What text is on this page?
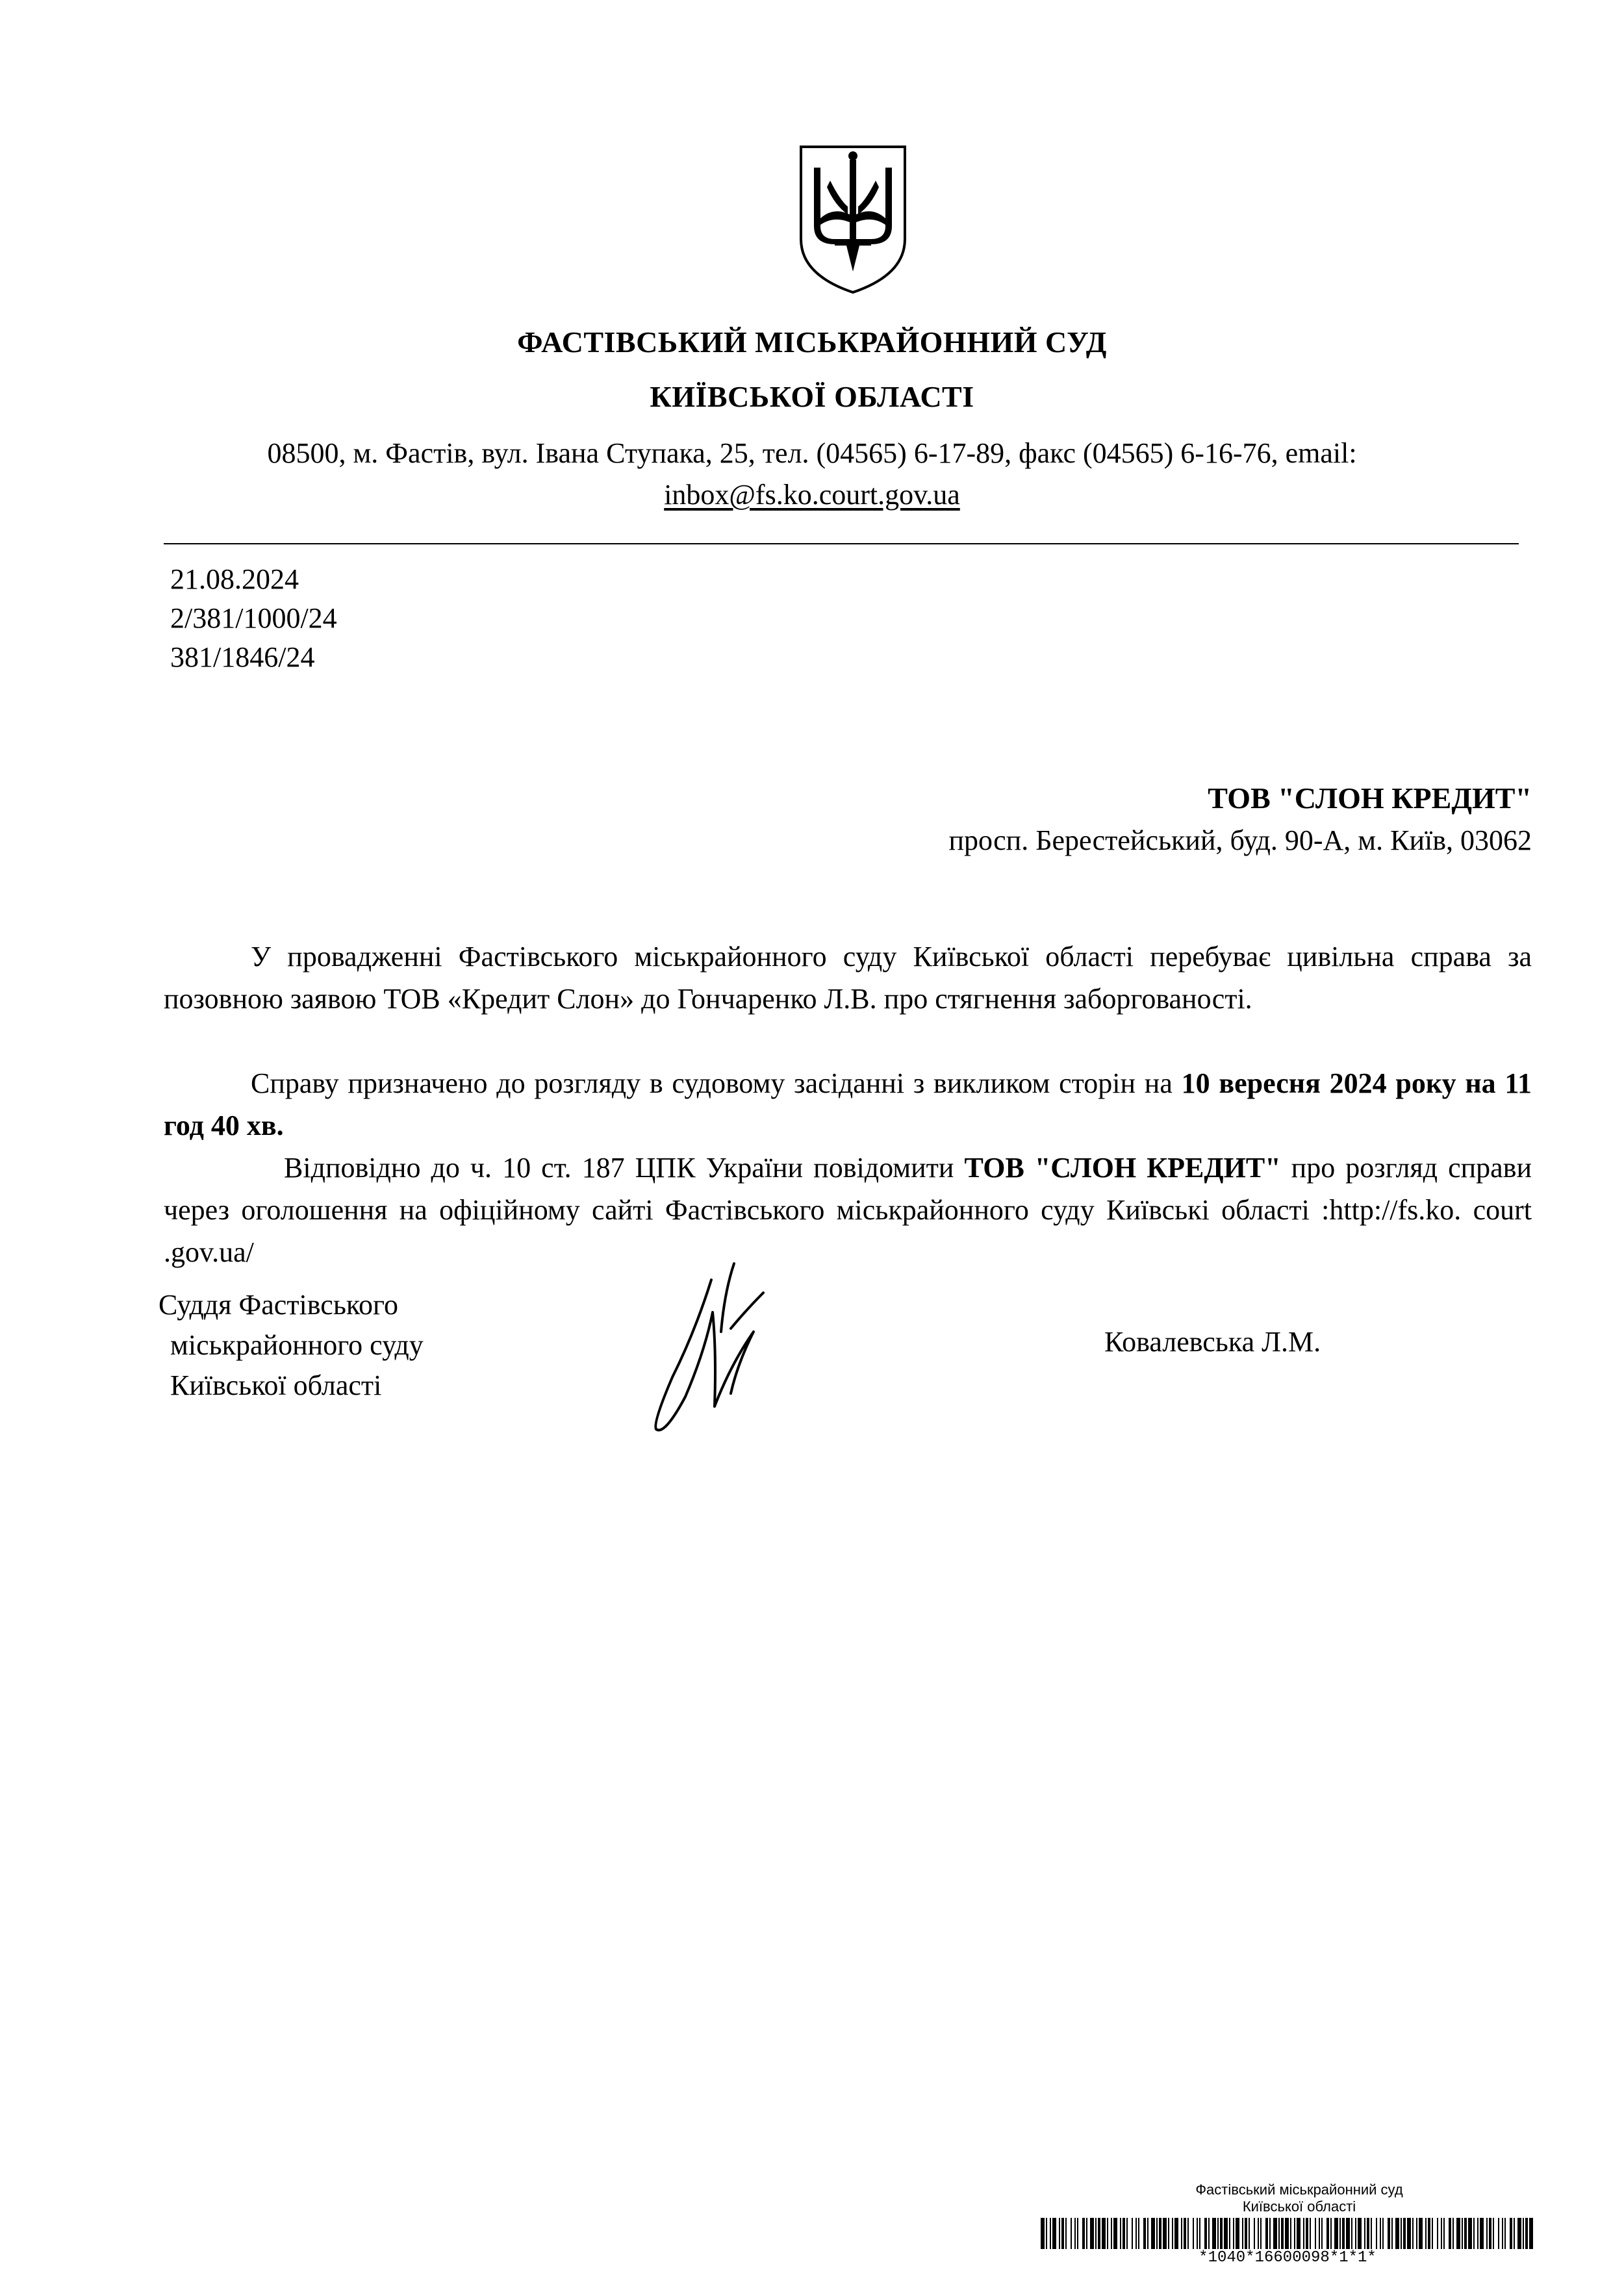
ФАСТІВСЬКИЙ МІСЬКРАЙОННИЙ СУД
КИЇВСЬКОЇ ОБЛАСТІ
08500, м. Фастів, вул. Івана Ступака, 25, тел. (04565) 6-17-89, факс (04565) 6-16-76, email:
inbox@fs.ko.court.gov.ua
21.08.2024
2/381/1000/24
381/1846/24
ТОВ "СЛОН КРЕДИТ"
просп. Берестейський, буд. 90-А, м. Київ, 03062
У провадженні Фастівського міськрайонного суду Київської області перебуває цивільна справа за позовною заявою ТОВ «Кредит Слон» до Гончаренко Л.В. про стягнення заборгованості.
Справу призначено до розгляду в судовому засіданні з викликом сторін на 10 вересня 2024 року на 11 год 40 хв.
Відповідно до ч. 10 ст. 187 ЦПК України повідомити ТОВ "СЛОН КРЕДИТ" про розгляд справи через оголошення на офіційному сайті Фастівського міськрайонного суду Київські області :http://fs.ko. court .gov.ua/
Суддя Фастівського
міськрайонного суду
Київської області
Ковалевська Л.М.
Фастівський міськрайонний суд
Київської області
*1040*16600098*1*1*
